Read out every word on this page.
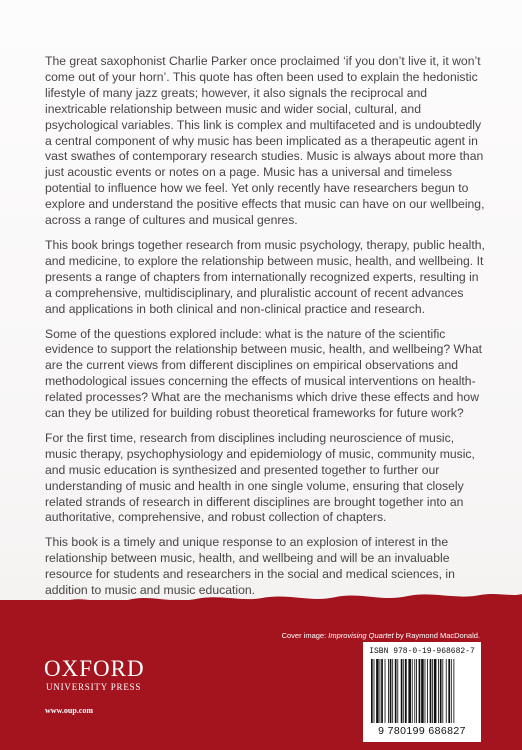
The great saxophonist Charlie Parker once proclaimed ‘if you don’t live it, it won’t come out of your horn’. This quote has often been used to explain the hedonistic lifestyle of many jazz greats; however, it also signals the reciprocal and inextricable relationship between music and wider social, cultural, and psychological variables. This link is complex and multifaceted and is undoubtedly a central component of why music has been implicated as a therapeutic agent in vast swathes of contemporary research studies. Music is always about more than just acoustic events or notes on a page. Music has a universal and timeless potential to influence how we feel. Yet only recently have researchers begun to explore and understand the positive effects that music can have on our wellbeing, across a range of cultures and musical genres.

This book brings together research from music psychology, therapy, public health, and medicine, to explore the relationship between music, health, and wellbeing. It presents a range of chapters from internationally recognized experts, resulting in a comprehensive, multidisciplinary, and pluralistic account of recent advances and applications in both clinical and non-clinical practice and research.

Some of the questions explored include: what is the nature of the scientific evidence to support the relationship between music, health, and wellbeing? What are the current views from different disciplines on empirical observations and methodological issues concerning the effects of musical interventions on health-related processes? What are the mechanisms which drive these effects and how can they be utilized for building robust theoretical frameworks for future work?

For the first time, research from disciplines including neuroscience of music, music therapy, psychophysiology and epidemiology of music, community music, and music education is synthesized and presented together to further our understanding of music and health in one single volume, ensuring that closely related strands of research in different disciplines are brought together into an authoritative, comprehensive, and robust collection of chapters.

This book is a timely and unique response to an explosion of interest in the relationship between music, health, and wellbeing and will be an invaluable resource for students and researchers in the social and medical sciences, in addition to music and music education.

Cover image: Improvising Quartet by Raymond MacDonald.
OXFORD
UNIVERSITY PRESS
www.oup.com
ISBN 978-0-19-968682-7
9 780199 686827
